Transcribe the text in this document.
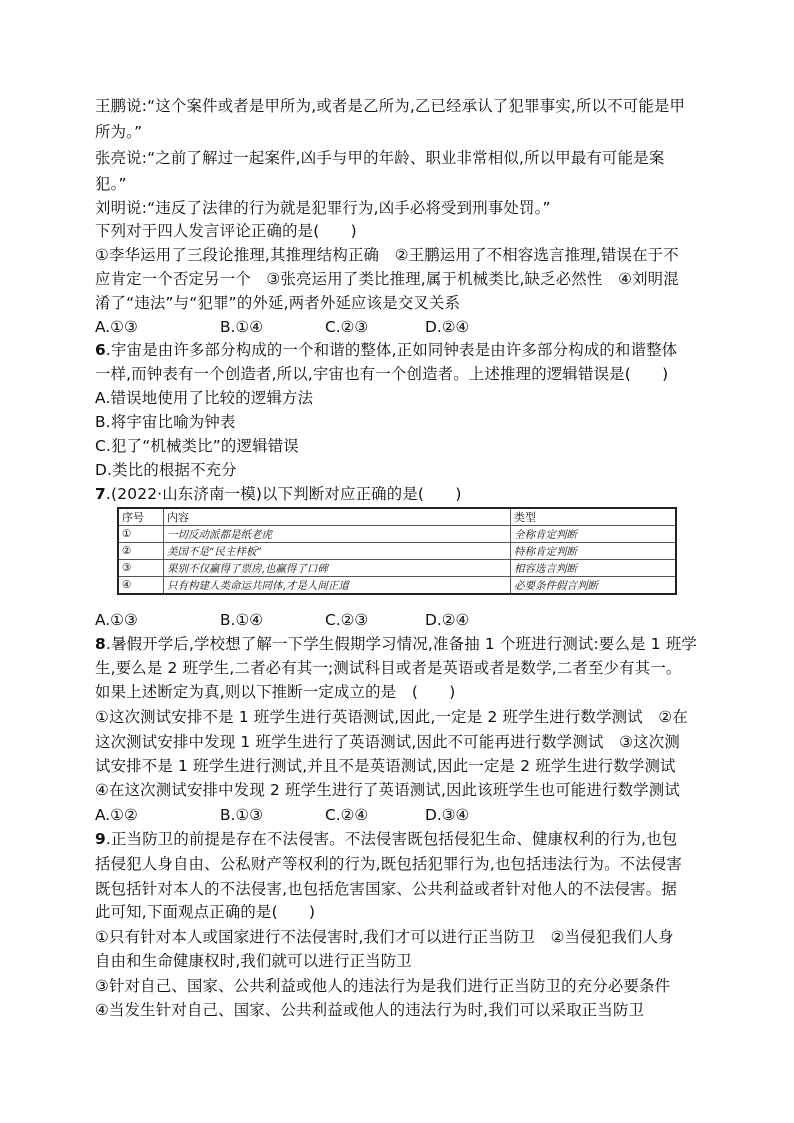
王鹏说:“这个案件或者是甲所为,或者是乙所为,乙已经承认了犯罪事实,所以不可能是甲
所为。”
张亮说:“之前了解过一起案件,凶手与甲的年龄、职业非常相似,所以甲最有可能是案
犯。”
刘明说:“违反了法律的行为就是犯罪行为,凶手必将受到刑事处罚。”
下列对于四人发言评论正确的是(　　)
①李华运用了三段论推理,其推理结构正确　②王鹏运用了不相容选言推理,错误在于不
应肯定一个否定另一个　③张亮运用了类比推理,属于机械类比,缺乏必然性　④刘明混
淆了“违法”与“犯罪”的外延,两者外延应该是交叉关系
A.①③	B.①④	C.②③	D.②④
6.宇宙是由许多部分构成的一个和谐的整体,正如同钟表是由许多部分构成的和谐整体
一样,而钟表有一个创造者,所以,宇宙也有一个创造者。上述推理的逻辑错误是(　　)
A.错误地使用了比较的逻辑方法
B.将宇宙比喻为钟表
C.犯了“机械类比”的逻辑错误
D.类比的根据不充分
7.(2022·山东济南一模)以下判断对应正确的是(　　)
序号	内容	类型
①	一切反动派都是纸老虎	全称肯定判断
②	美国不是“民主样板”	特称肯定判断
③	果别不仅赢得了票房,也赢得了口碑	相容选言判断
④	只有构建人类命运共同体,才是人间正道	必要条件假言判断
A.①③	B.①④	C.②③	D.②④
8.暑假开学后,学校想了解一下学生假期学习情况,准备抽 1 个班进行测试:要么是 1 班学
生,要么是 2 班学生,二者必有其一;测试科目或者是英语或者是数学,二者至少有其一。
如果上述断定为真,则以下推断一定成立的是　(　　)
①这次测试安排不是 1 班学生进行英语测试,因此,一定是 2 班学生进行数学测试　②在
这次测试安排中发现 1 班学生进行了英语测试,因此不可能再进行数学测试　③这次测
试安排不是 1 班学生进行测试,并且不是英语测试,因此一定是 2 班学生进行数学测试
④在这次测试安排中发现 2 班学生进行了英语测试,因此该班学生也可能进行数学测试
A.①②	B.①③	C.②④	D.③④
9.正当防卫的前提是存在不法侵害。不法侵害既包括侵犯生命、健康权利的行为,也包
括侵犯人身自由、公私财产等权利的行为,既包括犯罪行为,也包括违法行为。不法侵害
既包括针对本人的不法侵害,也包括危害国家、公共利益或者针对他人的不法侵害。据
此可知,下面观点正确的是(　　)
①只有针对本人或国家进行不法侵害时,我们才可以进行正当防卫　②当侵犯我们人身
自由和生命健康权时,我们就可以进行正当防卫
③针对自己、国家、公共利益或他人的违法行为是我们进行正当防卫的充分必要条件
④当发生针对自己、国家、公共利益或他人的违法行为时,我们可以采取正当防卫
